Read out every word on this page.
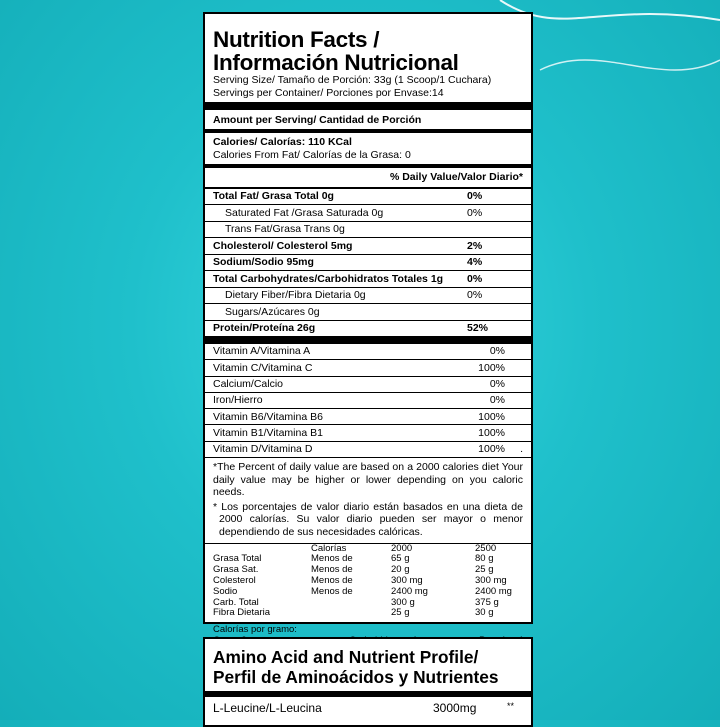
Nutrition Facts /
Información Nutricional
Serving Size/ Tamaño de Porción: 33g (1 Scoop/1 Cuchara)
Servings per Container/ Porciones por Envase:14
Amount per Serving/ Cantidad de Porción
Calories/ Calorías: 110 KCal
Calories From Fat/ Calorías de la Grasa: 0
% Daily Value/Valor Diario*
Total Fat/ Grasa Total 0g	0%
Saturated Fat /Grasa Saturada 0g	0%
Trans Fat/Grasa Trans 0g
Cholesterol/ Colesterol 5mg	2%
Sodium/Sodio 95mg	4%
Total Carbohydrates/Carbohidratos Totales 1g 0%
Dietary Fiber/Fibra Dietaria 0g	0%
Sugars/Azúcares 0g
Protein/Proteína 26g	52%
Vitamin A/Vitamina A	0%
Vitamin C/Vitamina C	100%
Calcium/Calcio	0%
Iron/Hierro	0%
Vitamin B6/Vitamina B6	100%
Vitamin B1/Vitamina B1	100%
Vitamin D/Vitamina D	100%	.
*The Percent of daily value are based on a 2000 calories diet Your daily value may be higher or lower depending on you caloric needs.
* Los porcentajes de valor diario están basados en una dieta de 2000 calorías. Su valor diario pueden ser mayor o menor dependiendo de sus necesidades calóricas.
	Calorías	2000	2500
Grasa Total	Menos de	65 g	80 g
Grasa Sat.	Menos de	20 g	25 g
Colesterol	Menos de	300 mg	300 mg
Sodio	Menos de	2400 mg	2400 mg
Carb. Total		300 g	375 g
Fibra Dietaria		25 g	30 g
Calorías por gramo:
Amino Acid and Nutrient Profile/
Perfil de Aminoácidos y Nutrientes
L-Leucine/L-Leucina	3000mg	**
